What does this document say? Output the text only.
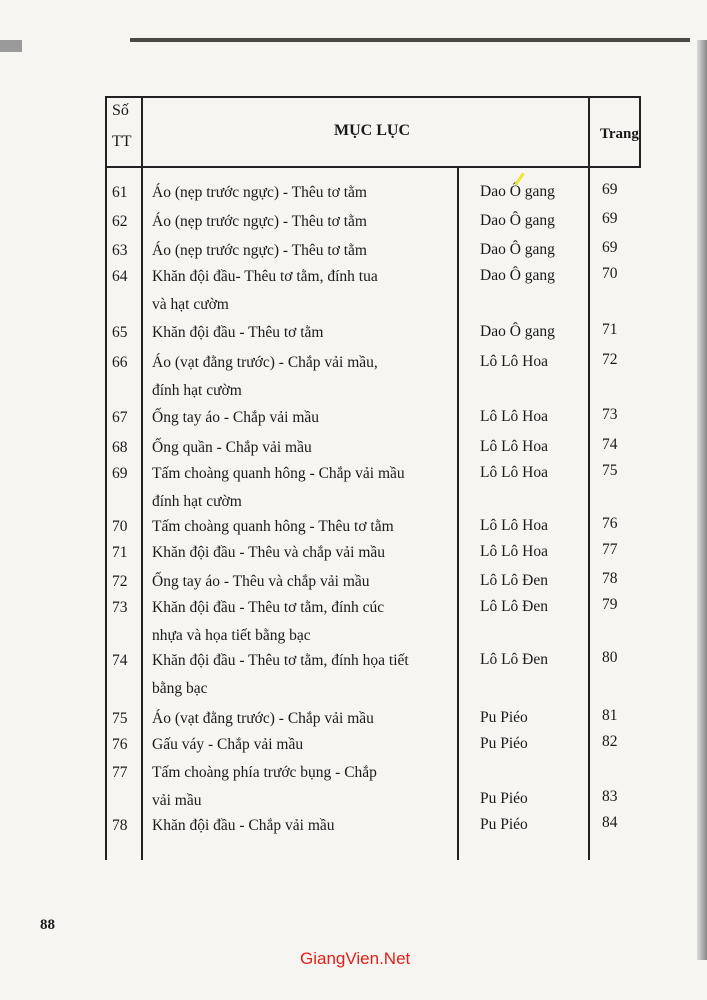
Số
TT
MỤC LỤC	Trang
61 Áo (nẹp trước ngực) - Thêu tơ tằm	Dao Ô gang	69
62 Áo (nẹp trước ngực) - Thêu tơ tằm	Dao Ô gang	69
63 Áo (nẹp trước ngực) - Thêu tơ tằm	Dao Ô gang	69
64 Khăn đội đầu- Thêu tơ tằm, đính tua
và hạt cườm
Dao Ô gang	70
65 Khăn đội đầu - Thêu tơ tằm	Dao Ô gang	71
66 Áo (vạt đằng trước) - Chắp vải mầu,
đính hạt cườm
Lô Lô Hoa	72
67 Ống tay áo - Chắp vải mầu	Lô Lô Hoa	73
68 Ống quần - Chắp vải mầu	Lô Lô Hoa	74
69 Tấm choàng quanh hông - Chắp vải mầu
đính hạt cườm
Lô Lô Hoa	75
70 Tấm choàng quanh hông - Thêu tơ tằm	Lô Lô Hoa	76
71 Khăn đội đầu - Thêu và chắp vải mầu	Lô Lô Hoa	77
72 Ống tay áo - Thêu và chắp vải mầu	Lô Lô Đen	78
73 Khăn đội đầu - Thêu tơ tằm, đính cúc
nhựa và họa tiết bằng bạc
Lô Lô Đen	79
74 Khăn đội đầu - Thêu tơ tằm, đính họa tiết
bằng bạc
Lô Lô Đen	80
75 Áo (vạt đằng trước) - Chắp vải mầu	Pu Piéo	81
76 Gấu váy - Chắp vải mầu	Pu Piéo	82
77 Tấm choàng phía trước bụng - Chắp
vải mầu	Pu Piéo	83
78 Khăn đội đầu - Chắp vải mầu	Pu Piéo	84
88
GiangVien.Net
